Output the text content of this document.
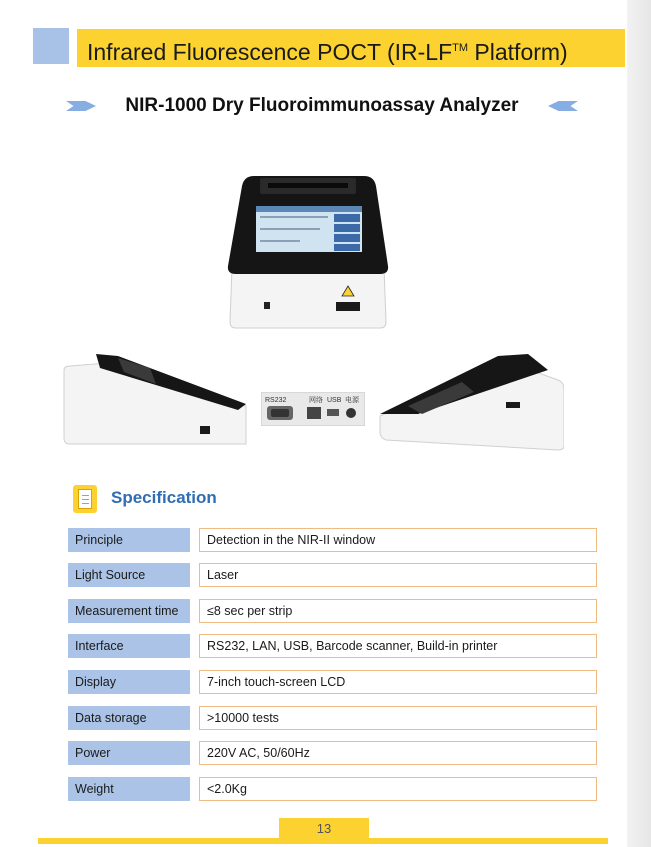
Infrared Fluorescence POCT (IR-LF™ Platform)
NIR-1000 Dry Fluoroimmunoassay Analyzer
RS232	网络 USB 电源
Specification
Principle	Detection in the NIR-II window
Light Source	Laser
Measurement time	≤8 sec per strip
Interface	RS232, LAN, USB, Barcode scanner, Build-in printer
Display	7-inch touch-screen LCD
Data storage	>10000 tests
Power	220V AC, 50/60Hz
Weight	<2.0Kg
13
